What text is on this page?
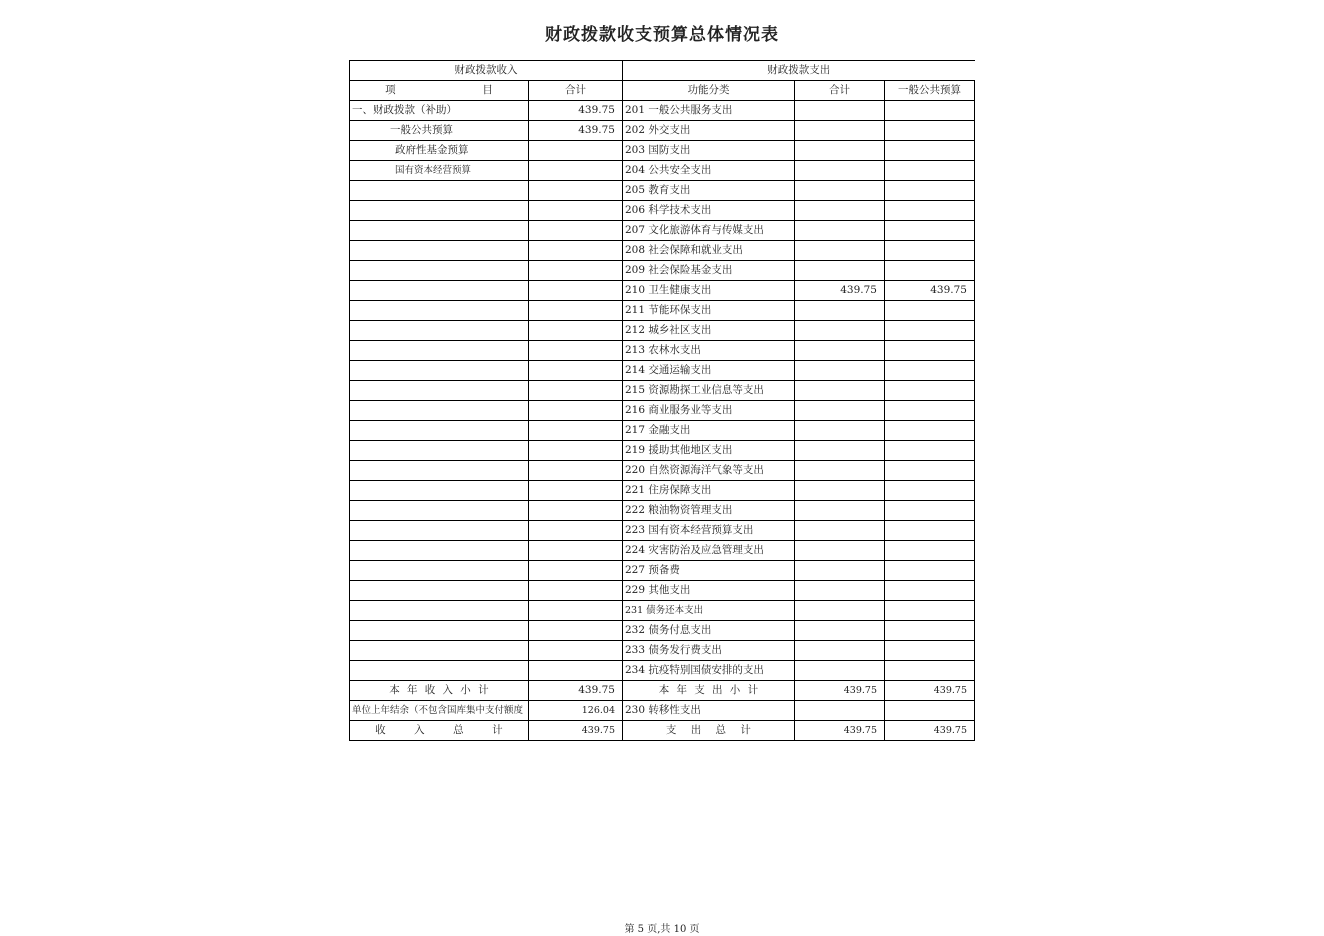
财政拨款收支预算总体情况表
财政拨款收入		财政拨款支出		
项                          目	合计	功能分类	合计	一般公共预算
一、财政拨款（补助）	439.75	201 一般公共服务支出		
一般公共预算	439.75	202 外交支出		
政府性基金预算		203 国防支出		
国有资本经营预算		204 公共安全支出		
		205 教育支出		
		206 科学技术支出		
		207 文化旅游体育与传媒支出		
		208 社会保障和就业支出		
		209 社会保险基金支出		
		210 卫生健康支出	439.75	439.75
		211 节能环保支出		
		212 城乡社区支出		
		213 农林水支出		
		214 交通运输支出		
		215 资源勘探工业信息等支出		
		216 商业服务业等支出		
		217 金融支出		
		219 援助其他地区支出		
		220 自然资源海洋气象等支出		
		221 住房保障支出		
		222 粮油物资管理支出		
		223 国有资本经营预算支出		
		224 灾害防治及应急管理支出		
		227 预备费		
		229 其他支出		
		231 债务还本支出		
		232 债务付息支出		
		233 债务发行费支出		
		234 抗疫特别国债安排的支出		
本  年  收  入  小  计	439.75	本  年  支  出  小  计	439.75	439.75
单位上年结余（不包含国库集中支付额度	126.04	230 转移性支出		
收        入        总        计	439.75	支    出    总    计	439.75	439.75
第 5 页,共 10 页
